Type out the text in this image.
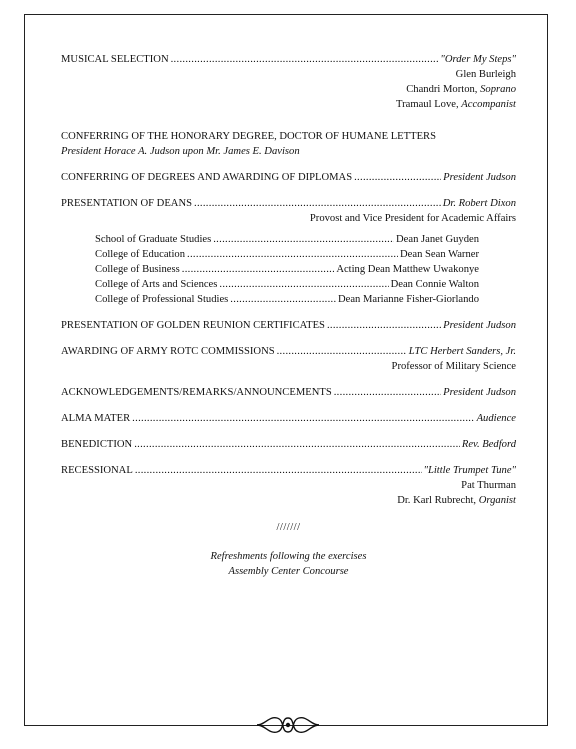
MUSICAL SELECTION .....	"Order My Steps"
Glen Burleigh
Chandri Morton, Soprano
Tramaul Love, Accompanist
CONFERRING OF THE HONORARY DEGREE, DOCTOR OF HUMANE LETTERS
President Horace A. Judson upon Mr. James E. Davison
CONFERRING OF DEGREES AND AWARDING OF DIPLOMAS .....	President Judson
PRESENTATION OF DEANS .....	Dr. Robert Dixon
Provost and Vice President for Academic Affairs
School of Graduate Studies .....	Dean Janet Guyden
College of Education .....	Dean Sean Warner
College of Business .....	Acting Dean Matthew Uwakonye
College of Arts and Sciences .....	Dean Connie Walton
College of Professional Studies .....	Dean Marianne Fisher-Giorlando
PRESENTATION OF GOLDEN REUNION CERTIFICATES .....	President Judson
AWARDING OF ARMY ROTC COMMISSIONS .....	LTC Herbert Sanders, Jr.
Professor of Military Science
ACKNOWLEDGEMENTS/REMARKS/ANNOUNCEMENTS .....	President Judson
ALMA MATER .....	Audience
BENEDICTION .....	Rev. Bedford
RECESSIONAL .....	"Little Trumpet Tune"
Pat Thurman
Dr. Karl Rubrecht, Organist
///////
Refreshments following the exercises
Assembly Center Concourse
